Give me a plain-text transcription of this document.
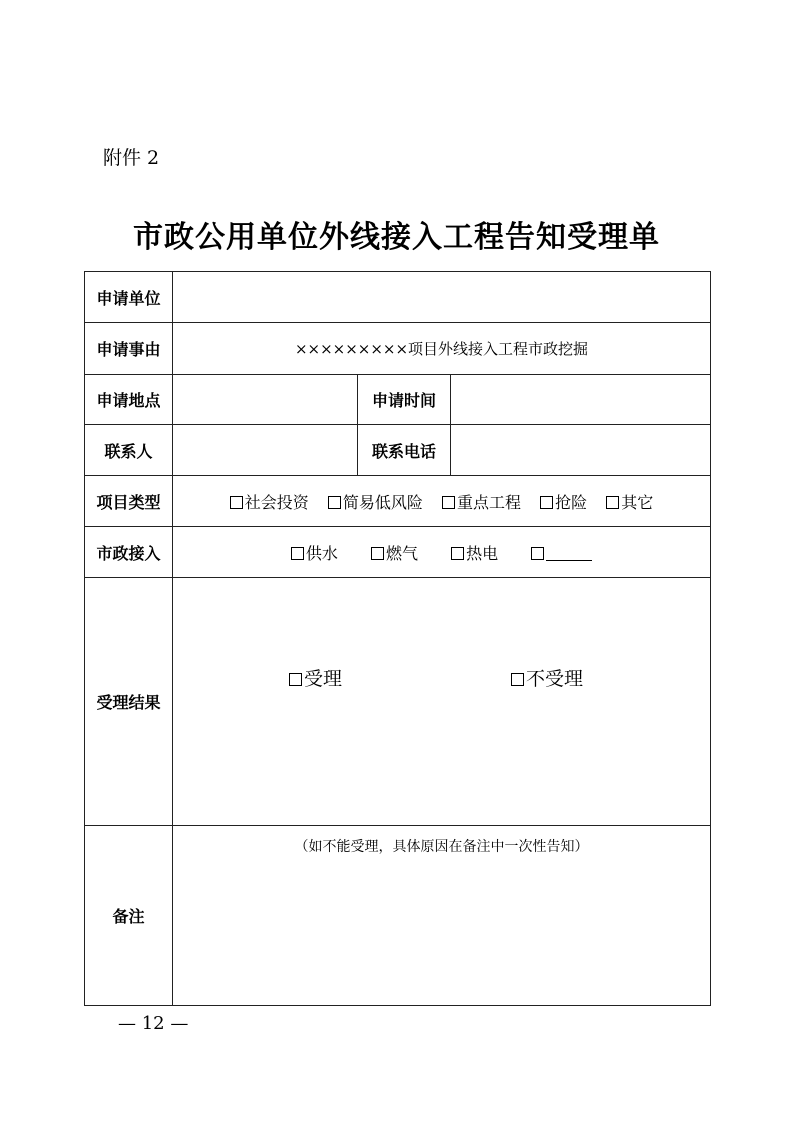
附件 2
市政公用单位外线接入工程告知受理单
申请单位			
申请事由	×××××××××项目外线接入工程市政挖掘		
申请地点		申请时间	
联系人		联系电话	
项目类型	社会投资 简易低风险 重点工程 抢险 其它		
市政接入	供水 燃气 热电		
受理结果	受理 不受理		

备注	（如不能受理，具体原因在备注中一次性告知）		
— 12 —
